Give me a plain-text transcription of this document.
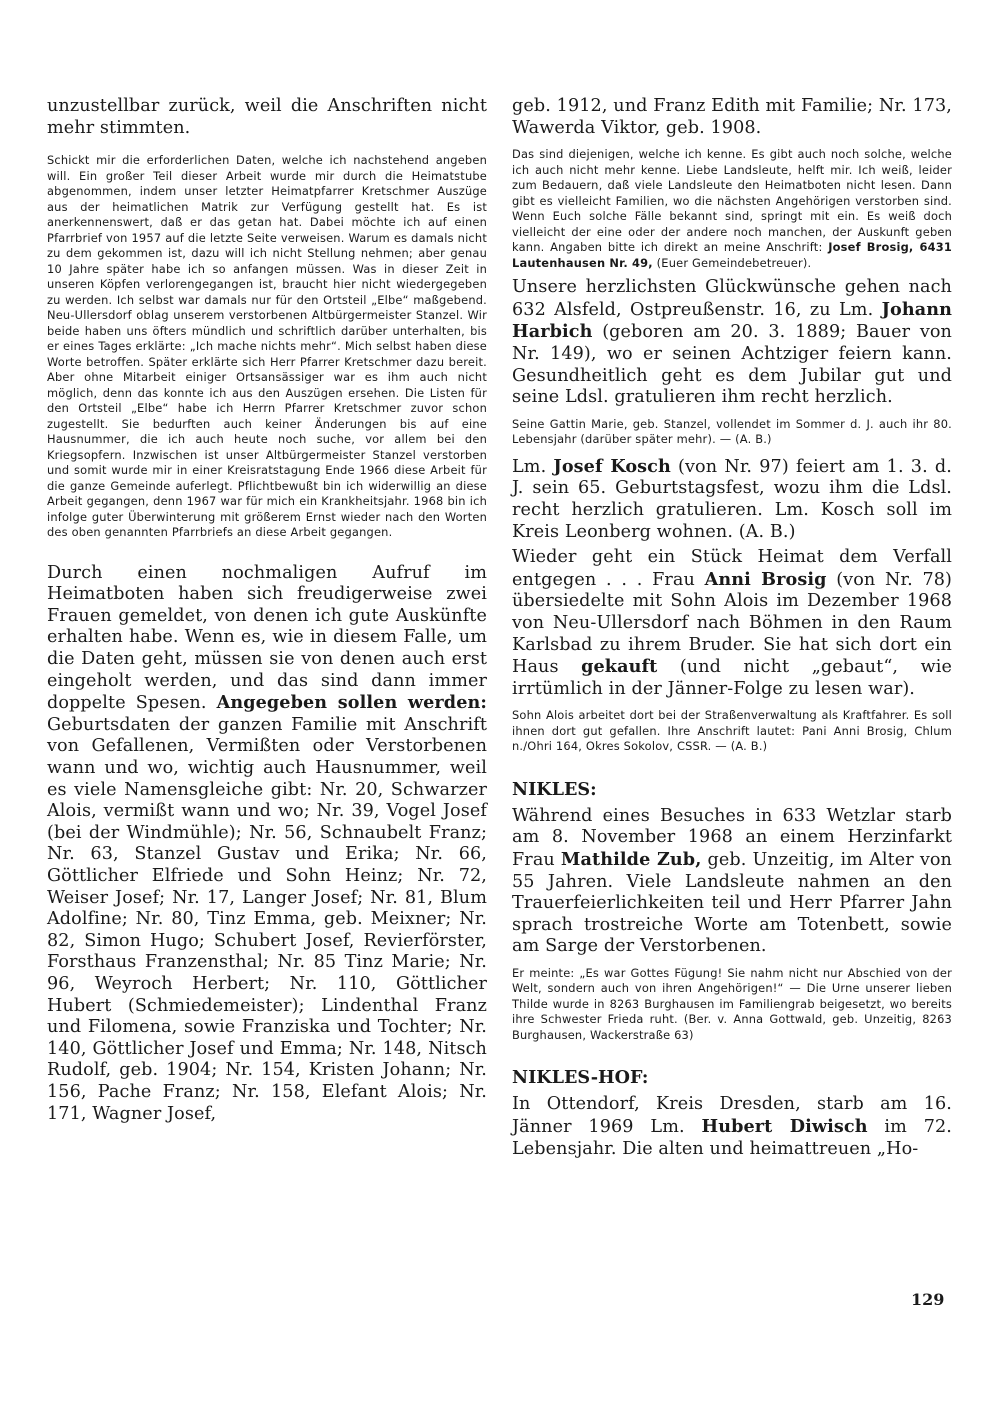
unzustellbar zurück, weil die Anschriften nicht mehr stimmten.

Schickt mir die erforderlichen Daten, welche ich nachstehend angeben will. Ein großer Teil dieser Arbeit wurde mir durch die Heimatstube abgenommen, indem unser letzter Heimatpfarrer Kretschmer Auszüge aus der heimatlichen Matrik zur Verfügung gestellt hat. Es ist anerkennenswert, daß er das getan hat. Dabei möchte ich auf einen Pfarrbrief von 1957 auf die letzte Seite verweisen. Warum es damals nicht zu dem gekommen ist, dazu will ich nicht Stellung nehmen; aber genau 10 Jahre später habe ich so anfangen müssen. Was in dieser Zeit in unseren Köpfen verlorengegangen ist, braucht hier nicht wiedergegeben zu werden. Ich selbst war damals nur für den Ortsteil „Elbe“ maßgebend. Neu-Ullersdorf oblag unserem verstorbenen Altbürgermeister Stanzel. Wir beide haben uns öfters mündlich und schriftlich darüber unterhalten, bis er eines Tages erklärte: „Ich mache nichts mehr“. Mich selbst haben diese Worte betroffen. Später erklärte sich Herr Pfarrer Kretschmer dazu bereit. Aber ohne Mitarbeit einiger Ortsansässiger war es ihm auch nicht möglich, denn das konnte ich aus den Auszügen ersehen. Die Listen für den Ortsteil „Elbe“ habe ich Herrn Pfarrer Kretschmer zuvor schon zugestellt. Sie bedurften auch keiner Änderungen bis auf eine Hausnummer, die ich auch heute noch suche, vor allem bei den Kriegsopfern. Inzwischen ist unser Altbürgermeister Stanzel verstorben und somit wurde mir in einer Kreisratstagung Ende 1966 diese Arbeit für die ganze Gemeinde auferlegt. Pflichtbewußt bin ich widerwillig an diese Arbeit gegangen, denn 1967 war für mich ein Krankheitsjahr. 1968 bin ich infolge guter Überwinterung mit größerem Ernst wieder nach den Worten des oben genannten Pfarrbriefs an diese Arbeit gegangen.

Durch einen nochmaligen Aufruf im Heimatboten haben sich freudigerweise zwei Frauen gemeldet, von denen ich gute Auskünfte erhalten habe. Wenn es, wie in diesem Falle, um die Daten geht, müssen sie von denen auch erst eingeholt werden, und das sind dann immer doppelte Spesen. Angegeben sollen werden: Geburtsdaten der ganzen Familie mit Anschrift von Gefallenen, Vermißten oder Verstorbenen wann und wo, wichtig auch Hausnummer, weil es viele Namensgleiche gibt: Nr. 20, Schwarzer Alois, vermißt wann und wo; Nr. 39, Vogel Josef (bei der Windmühle); Nr. 56, Schnaubelt Franz; Nr. 63, Stanzel Gustav und Erika; Nr. 66, Göttlicher Elfriede und Sohn Heinz; Nr. 72, Weiser Josef; Nr. 17, Langer Josef; Nr. 81, Blum Adolfine; Nr. 80, Tinz Emma, geb. Meixner; Nr. 82, Simon Hugo; Schubert Josef, Revierförster, Forsthaus Franzensthal; Nr. 85 Tinz Marie; Nr. 96, Weyroch Herbert; Nr. 110, Göttlicher Hubert (Schmiedemeister); Lindenthal Franz und Filomena, sowie Franziska und Tochter; Nr. 140, Göttlicher Josef und Emma; Nr. 148, Nitsch Rudolf, geb. 1904; Nr. 154, Kristen Johann; Nr. 156, Pache Franz; Nr. 158, Elefant Alois; Nr. 171, Wagner Josef,

geb. 1912, und Franz Edith mit Familie; Nr. 173, Wawerda Viktor, geb. 1908.

Das sind diejenigen, welche ich kenne. Es gibt auch noch solche, welche ich auch nicht mehr kenne. Liebe Landsleute, helft mir. Ich weiß, leider zum Bedauern, daß viele Landsleute den Heimatboten nicht lesen. Dann gibt es vielleicht Familien, wo die nächsten Angehörigen verstorben sind. Wenn Euch solche Fälle bekannt sind, springt mit ein. Es weiß doch vielleicht der eine oder der andere noch manchen, der Auskunft geben kann. Angaben bitte ich direkt an meine Anschrift: Josef Brosig, 6431 Lautenhausen Nr. 49, (Euer Gemeindebetreuer).

Unsere herzlichsten Glückwünsche gehen nach 632 Alsfeld, Ostpreußenstr. 16, zu Lm. Johann Harbich (geboren am 20. 3. 1889; Bauer von Nr. 149), wo er seinen Achtziger feiern kann. Gesundheitlich geht es dem Jubilar gut und seine Ldsl. gratulieren ihm recht herzlich.

Seine Gattin Marie, geb. Stanzel, vollendet im Sommer d. J. auch ihr 80. Lebensjahr (darüber später mehr). — (A. B.)

Lm. Josef Kosch (von Nr. 97) feiert am 1. 3. d. J. sein 65. Geburtstagsfest, wozu ihm die Ldsl. recht herzlich gratulieren. Lm. Kosch soll im Kreis Leonberg wohnen. (A. B.)

Wieder geht ein Stück Heimat dem Verfall entgegen . . . Frau Anni Brosig (von Nr. 78) übersiedelte mit Sohn Alois im Dezember 1968 von Neu-Ullersdorf nach Böhmen in den Raum Karlsbad zu ihrem Bruder. Sie hat sich dort ein Haus gekauft (und nicht „gebaut“, wie irrtümlich in der Jänner-Folge zu lesen war).

Sohn Alois arbeitet dort bei der Straßenverwaltung als Kraftfahrer. Es soll ihnen dort gut gefallen. Ihre Anschrift lautet: Pani Anni Brosig, Chlum n./Ohri 164, Okres Sokolov, CSSR. — (A. B.)

NIKLES:

Während eines Besuches in 633 Wetzlar starb am 8. November 1968 an einem Herzinfarkt Frau Mathilde Zub, geb. Unzeitig, im Alter von 55 Jahren. Viele Landsleute nahmen an den Trauerfeierlichkeiten teil und Herr Pfarrer Jahn sprach trostreiche Worte am Totenbett, sowie am Sarge der Verstorbenen.

Er meinte: „Es war Gottes Fügung! Sie nahm nicht nur Abschied von der Welt, sondern auch von ihren Angehörigen!“ — Die Urne unserer lieben Thilde wurde in 8263 Burghausen im Familiengrab beigesetzt, wo bereits ihre Schwester Frieda ruht. (Ber. v. Anna Gottwald, geb. Unzeitig, 8263 Burghausen, Wackerstraße 63)

NIKLES-HOF:

In Ottendorf, Kreis Dresden, starb am 16. Jänner 1969 Lm. Hubert Diwisch im 72. Lebensjahr. Die alten und heimattreuen „Ho-

129
